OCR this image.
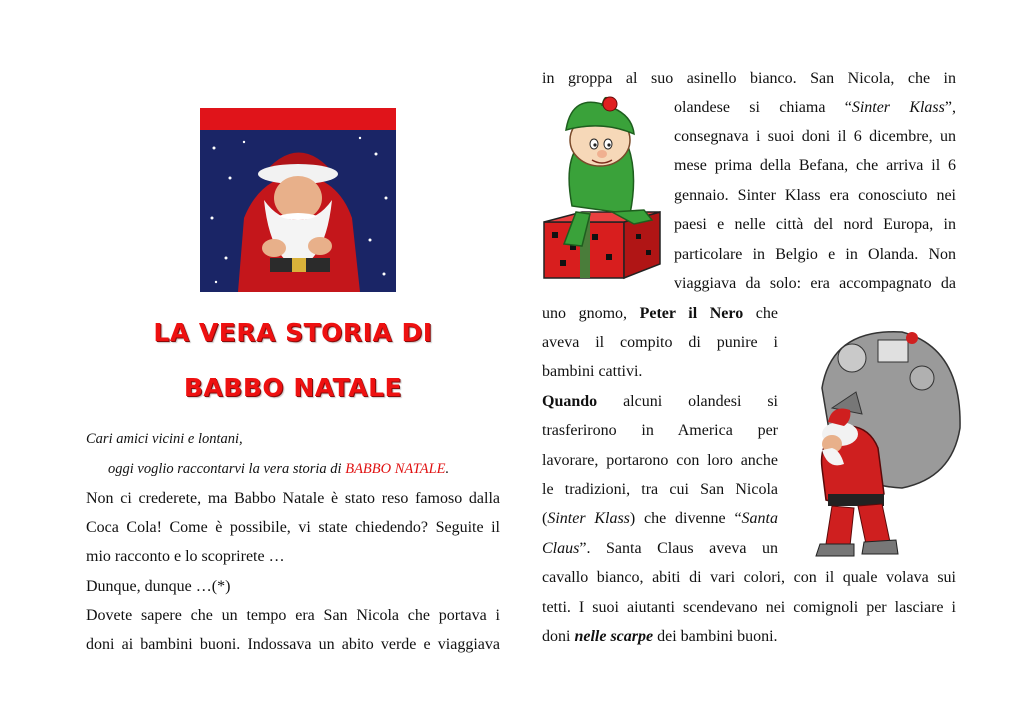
LA VERA STORIA DI
BABBO NATALE
Cari amici vicini e lontani,
oggi voglio raccontarvi la vera storia di BABBO NATALE.
Non ci crederete, ma Babbo Natale è stato reso famoso dalla
Coca Cola! Come è possibile, vi state chiedendo? Seguite il
mio racconto e lo scoprirete …
Dunque, dunque …(*)
Dovete sapere che un tempo era San Nicola che portava i
doni ai bambini buoni. Indossava un abito verde e viaggiava
in groppa al suo asinello bianco. San Nicola, che in
olandese si chiama “Sinter Klass”,
consegnava i suoi doni il 6 dicembre, un
mese prima della Befana, che arriva il 6
gennaio. Sinter Klass era conosciuto nei
paesi e nelle città del nord Europa, in
particolare in Belgio e in Olanda. Non
viaggiava da solo: era accompagnato da
uno gnomo, Peter il Nero che
aveva il compito di punire i
bambini cattivi.
Quando alcuni olandesi si
trasferirono in America per
lavorare, portarono con loro anche
le tradizioni, tra cui San Nicola
(Sinter Klass) che divenne “Santa
Claus”. Santa Claus aveva un
cavallo bianco, abiti di vari colori, con il quale volava sui
tetti. I suoi aiutanti scendevano nei comignoli per lasciare i
doni nelle scarpe dei bambini buoni.
